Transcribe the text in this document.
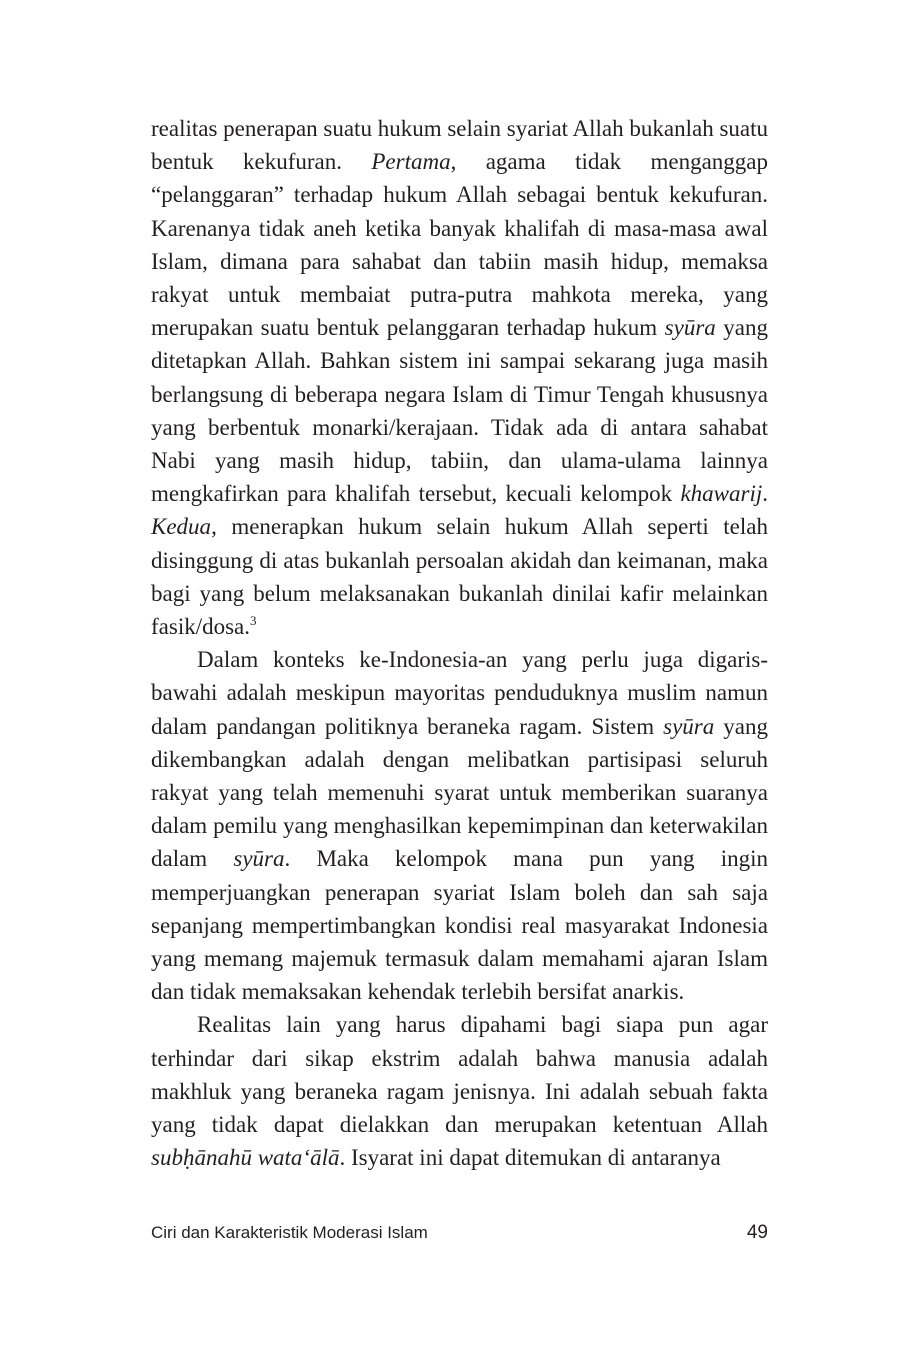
realitas penerapan suatu hukum selain syariat Allah bukanlah suatu bentuk kekufuran. Pertama, agama tidak menganggap “pelanggaran” terhadap hukum Allah sebagai bentuk kekufuran. Karenanya tidak aneh ketika banyak khalifah di masa-masa awal Islam, dimana para sahabat dan tabiin masih hidup, memaksa rakyat untuk membaiat putra-putra mahkota mereka, yang merupakan suatu bentuk pelanggaran terhadap hukum syūra yang ditetapkan Allah. Bahkan sistem ini sampai sekarang juga masih berlangsung di beberapa negara Islam di Timur Tengah khususnya yang berbentuk monarki/kerajaan. Tidak ada di antara sahabat Nabi yang masih hidup, tabiin, dan ulama-ulama lainnya mengkafirkan para khalifah tersebut, kecuali kelompok khawarij. Kedua, menerapkan hukum selain hukum Allah seperti telah disinggung di atas bukanlah persoalan akidah dan keimanan, maka bagi yang belum melaksanakan bukanlah dinilai kafir melainkan fasik/dosa.$^3$

Dalam konteks ke-Indonesia-an yang perlu juga digarisbawahi adalah meskipun mayoritas penduduknya muslim namun dalam pandangan politiknya beraneka ragam. Sistem syūra yang dikembangkan adalah dengan melibatkan partisipasi seluruh rakyat yang telah memenuhi syarat untuk memberikan suaranya dalam pemilu yang menghasilkan kepemimpinan dan keterwakilan dalam syūra. Maka kelompok mana pun yang ingin memperjuangkan penerapan syariat Islam boleh dan sah saja sepanjang mempertimbangkan kondisi real masyarakat Indonesia yang memang majemuk termasuk dalam memahami ajaran Islam dan tidak memaksakan kehendak terlebih bersifat anarkis.

Realitas lain yang harus dipahami bagi siapa pun agar terhindar dari sikap ekstrim adalah bahwa manusia adalah makhluk yang beraneka ragam jenisnya. Ini adalah sebuah fakta yang tidak dapat dielakkan dan merupakan ketentuan Allah subḥānahū wata‘ālā. Isyarat ini dapat ditemukan di antaranya

Ciri dan Karakteristik Moderasi Islam	49
